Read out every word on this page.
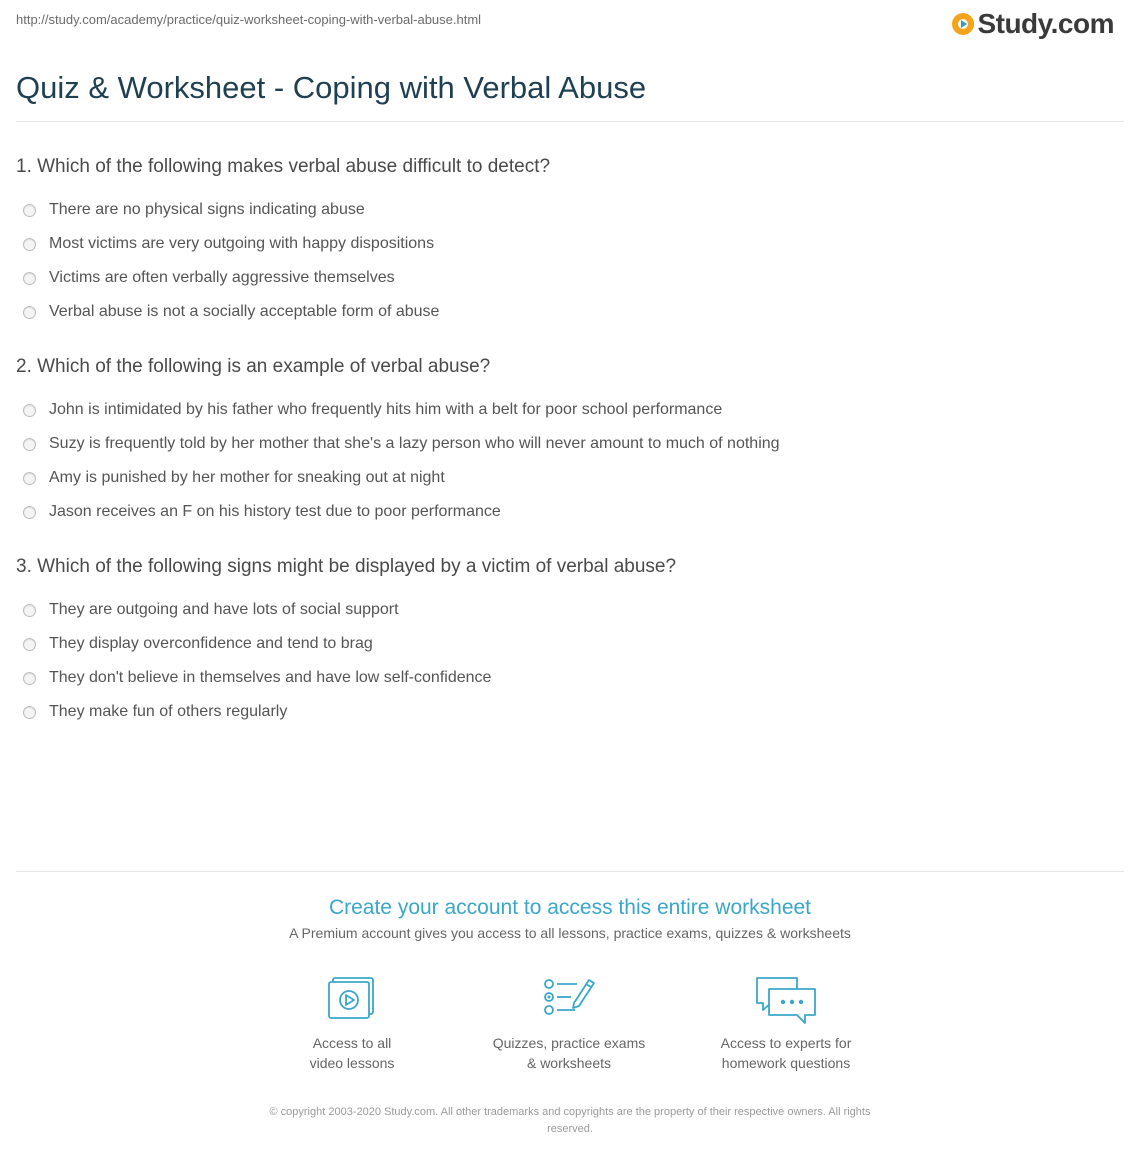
http://study.com/academy/practice/quiz-worksheet-coping-with-verbal-abuse.html	Study.com
Quiz & Worksheet - Coping with Verbal Abuse
1. Which of the following makes verbal abuse difficult to detect?
There are no physical signs indicating abuse
Most victims are very outgoing with happy dispositions
Victims are often verbally aggressive themselves
Verbal abuse is not a socially acceptable form of abuse
2. Which of the following is an example of verbal abuse?
John is intimidated by his father who frequently hits him with a belt for poor school performance
Suzy is frequently told by her mother that she's a lazy person who will never amount to much of nothing
Amy is punished by her mother for sneaking out at night
Jason receives an F on his history test due to poor performance
3. Which of the following signs might be displayed by a victim of verbal abuse?
They are outgoing and have lots of social support
They display overconfidence and tend to brag
They don't believe in themselves and have low self-confidence
They make fun of others regularly
Create your account to access this entire worksheet
A Premium account gives you access to all lessons, practice exams, quizzes & worksheets
Access to all
video lessons
Quizzes, practice exams
& worksheets
Access to experts for
homework questions
© copyright 2003-2020 Study.com. All other trademarks and copyrights are the property of their respective owners. All rights
reserved.
